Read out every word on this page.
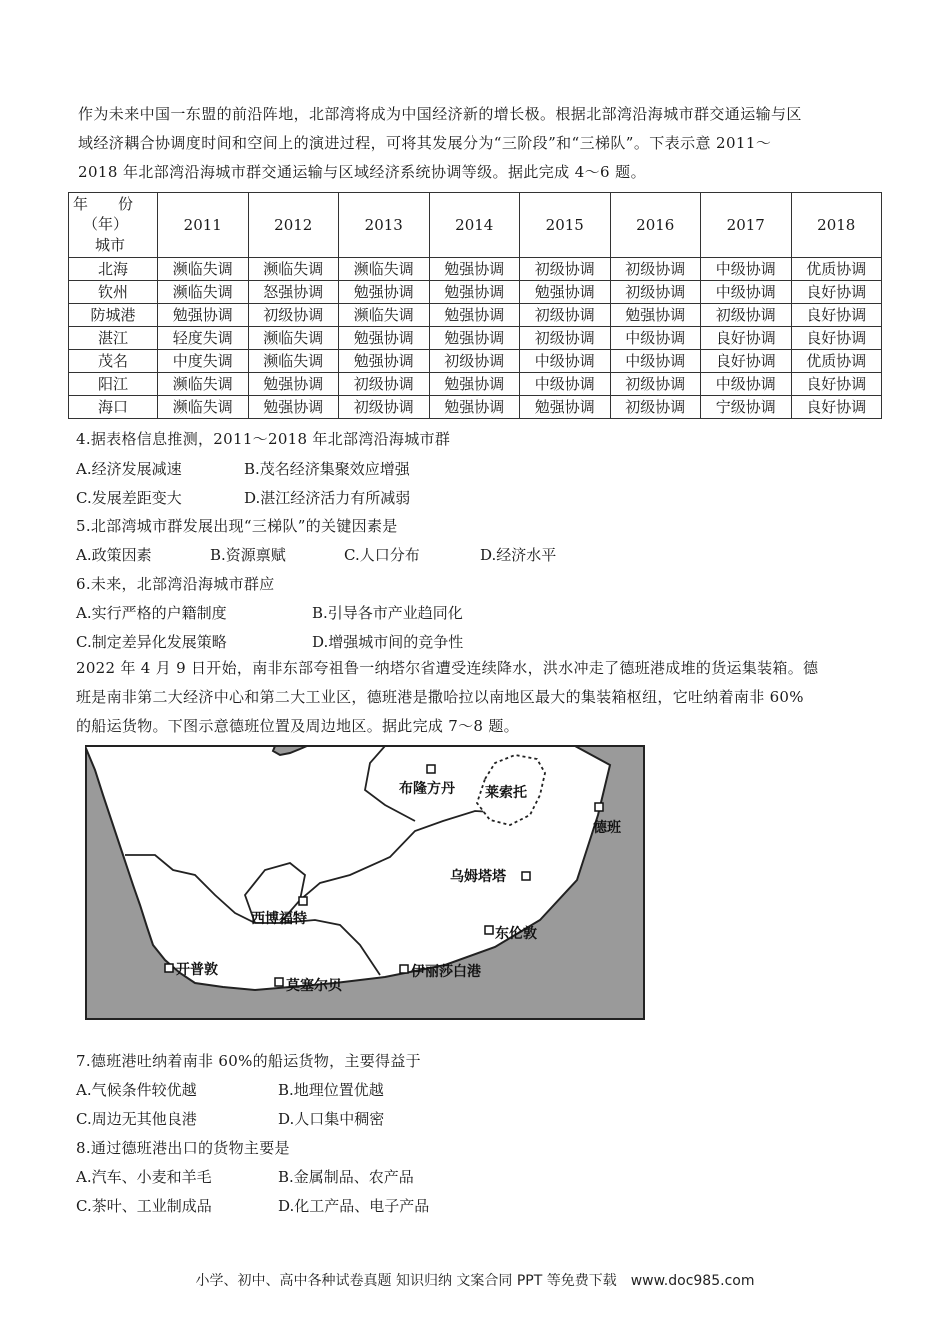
作为未来中国一东盟的前沿阵地，北部湾将成为中国经济新的增长极。根据北部湾沿海城市群交通运输与区

域经济耦合协调度时间和空间上的演进过程，可将其发展分为“三阶段”和“三梯队”。下表示意 2011～

2018 年北部湾沿海城市群交通运输与区域经济系统协调等级。据此完成 4～6 题。

年　　份
（年）
城市	2011	2012	2013	2014	2015	2016	2017	2018
北海	濒临失调	濒临失调	濒临失调	勉强协调	初级协调	初级协调	中级协调	优质协调
钦州	濒临失调	怒强协调	勉强协调	勉强协调	勉强协调	初级协调	中级协调	良好协调
防城港	勉强协调	初级协调	濒临失调	勉强协调	初级协调	勉强协调	初级协调	良好协调
湛江	轻度失调	濒临失调	勉强协调	勉强协调	初级协调	中级协调	良好协调	良好协调
茂名	中度失调	濒临失调	勉强协调	初级协调	中级协调	中级协调	良好协调	优质协调
阳江	濒临失调	勉强协调	初级协调	勉强协调	中级协调	初级协调	中级协调	良好协调
海口	濒临失调	勉强协调	初级协调	勉强协调	勉强协调	初级协调	宁级协调	良好协调
4.据表格信息推测，2011～2018 年北部湾沿海城市群
A.经济发展减速	B.茂名经济集聚效应增强
C.发展差距变大	D.湛江经济活力有所减弱
5.北部湾城市群发展出现“三梯队”的关键因素是
A.政策因素	B.资源禀赋	C.人口分布	D.经济水平
6.未来，北部湾沿海城市群应
A.实行严格的户籍制度	B.引导各市产业趋同化
C.制定差异化发展策略	D.增强城市间的竞争性

2022 年 4 月 9 日开始，南非东部夸祖鲁一纳塔尔省遭受连续降水，洪水冲走了德班港成堆的货运集装箱。德

班是南非第二大经济中心和第二大工业区，德班港是撒哈拉以南地区最大的集装箱枢纽，它吐纳着南非 60%

的船运货物。下图示意德班位置及周边地区。据此完成 7～8 题。

布隆方丹 莱索托
德班
乌姆塔塔
西博福特
东伦敦
开普敦
莫塞尔贝
伊丽莎白港
7.德班港吐纳着南非 60%的船运货物，主要得益于
A.气候条件较优越	B.地理位置优越
C.周边无其他良港	D.人口集中稠密
8.通过德班港出口的货物主要是
A.汽车、小麦和羊毛	B.金属制品、农产品
C.茶叶、工业制成品	D.化工产品、电子产品
小学、初中、高中各种试卷真题 知识归纳 文案合同 PPT 等免费下载　www.doc985.com
